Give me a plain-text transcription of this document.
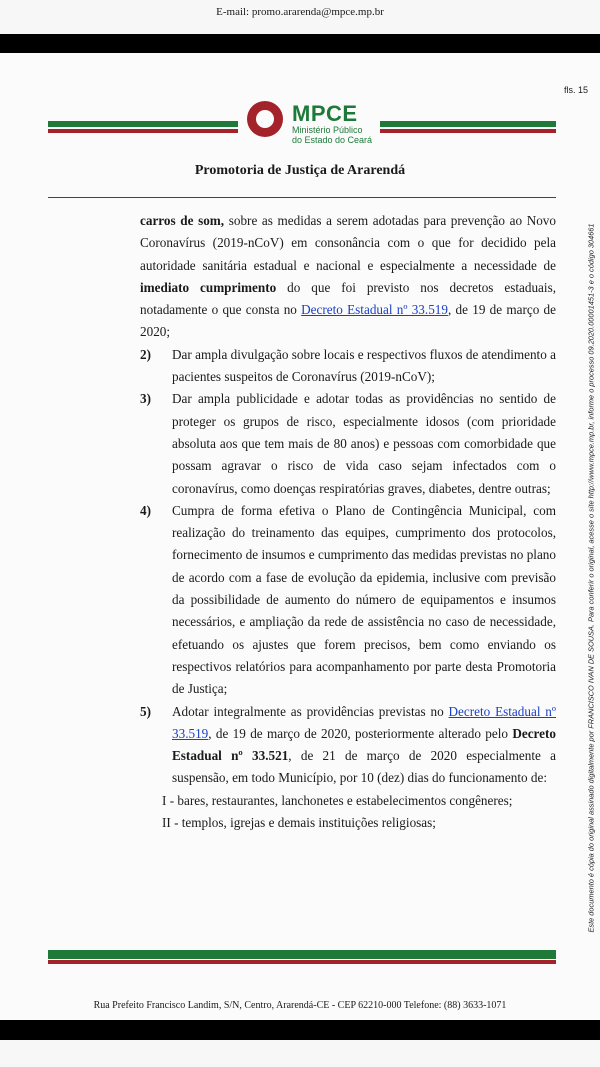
E-mail: promo.ararenda@mpce.mp.br
fls. 15
MPCE
Ministério Público
do Estado do Ceará
Promotoria de Justiça de Ararendá

carros de som, sobre as medidas a serem adotadas para prevenção ao Novo Coronavírus (2019-nCoV) em consonância com o que for decidido pela autoridade sanitária estadual e nacional e especialmente a necessidade de imediato cumprimento do que foi previsto nos decretos estaduais, notadamente o que consta no Decreto Estadual nº 33.519, de 19 de março de 2020;

2) Dar ampla divulgação sobre locais e respectivos fluxos de atendimento a pacientes suspeitos de Coronavírus (2019-nCoV);

3) Dar ampla publicidade e adotar todas as providências no sentido de proteger os grupos de risco, especialmente idosos (com prioridade absoluta aos que tem mais de 80 anos) e pessoas com comorbidade que possam agravar o risco de vida caso sejam infectados com o coronavírus, como doenças respiratórias graves, diabetes, dentre outras;

4) Cumpra de forma efetiva o Plano de Contingência Municipal, com realização do treinamento das equipes, cumprimento dos protocolos, fornecimento de insumos e cumprimento das medidas previstas no plano de acordo com a fase de evolução da epidemia, inclusive com previsão da possibilidade de aumento do número de equipamentos e insumos necessários, e ampliação da rede de assistência no caso de necessidade, efetuando os ajustes que forem precisos, bem como enviando os respectivos relatórios para acompanhamento por parte desta Promotoria de Justiça;

5) Adotar integralmente as providências previstas no Decreto Estadual nº 33.519, de 19 de março de 2020, posteriormente alterado pelo Decreto Estadual nº 33.521, de 21 de março de 2020 especialmente a suspensão, em todo Município, por 10 (dez) dias do funcionamento de:

I - bares, restaurantes, lanchonetes e estabelecimentos congêneres;

II - templos, igrejas e demais instituições religiosas;	Este documento é cópia do original assinado digitalmente por FRANCISCO IVAN DE SOUSA. Para conferir o original, acesse o site http://www.mpce.mp.br, informe o processo 09.2020.00001451-3 e o código 304661
Rua Prefeito Francisco Landim, S/N, Centro, Ararendá-CE - CEP 62210-000 Telefone: (88) 3633-1071
